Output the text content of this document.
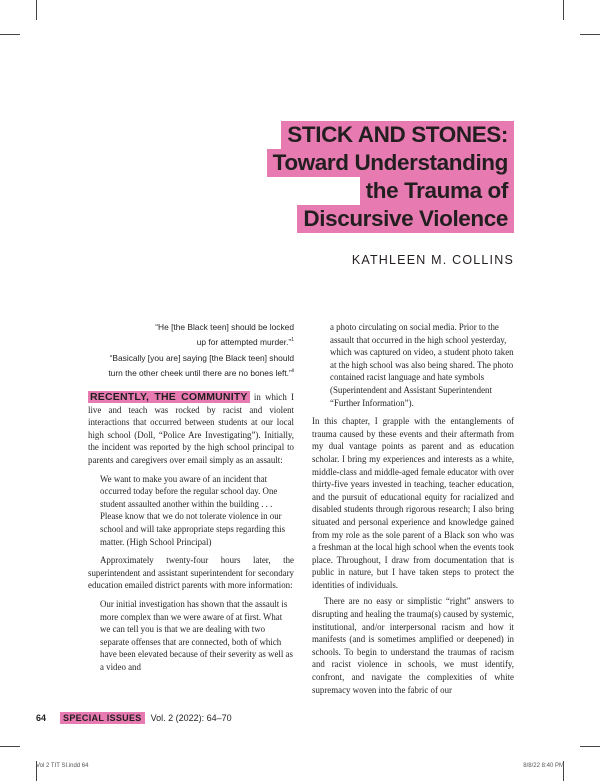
STICK AND STONES:
Toward Understanding
the Trauma of
Discursive Violence
KATHLEEN M. COLLINS
“He [the Black teen] should be locked
up for attempted murder.”$^1$
“Basically [you are] saying [the Black teen] should
turn the other cheek until there are no bones left.”$^{ii}$

RECENTLY, THE COMMUNITY in which I live and teach was rocked by racist and violent interactions that occurred between students at our local high school (Doll, “Police Are Investigating”). Initially, the incident was reported by the high school principal to parents and caregivers over email simply as an assault:

We want to make you aware of an incident that occurred today before the regular school day. One student assaulted another within the building . . . Please know that we do not tolerate violence in our school and will take appropriate steps regarding this matter. (High School Principal)

Approximately twenty-four hours later, the superintendent and assistant superintendent for secondary education emailed district parents with more information:

Our initial investigation has shown that the assault is more complex than we were aware of at first. What we can tell you is that we are dealing with two separate offenses that are connected, both of which have been elevated because of their severity as well as a video and

a photo circulating on social media. Prior to the assault that occurred in the high school yesterday, which was captured on video, a student photo taken at the high school was also being shared. The photo contained racist language and hate symbols (Superintendent and Assistant Superintendent “Further Information”).

In this chapter, I grapple with the entanglements of trauma caused by these events and their aftermath from my dual vantage points as parent and as education scholar. I bring my experiences and interests as a white, middle-class and middle-aged female educator with over thirty-five years invested in teaching, teacher education, and the pursuit of educational equity for racialized and disabled students through rigorous research; I also bring situated and personal experience and knowledge gained from my role as the sole parent of a Black son who was a freshman at the local high school when the events took place. Throughout, I draw from documentation that is public in nature, but I have taken steps to protect the identities of individuals.

There are no easy or simplistic “right” answers to disrupting and healing the trauma(s) caused by systemic, institutional, and/or interpersonal racism and how it manifests (and is sometimes amplified or deepened) in schools. To begin to understand the traumas of racism and racist violence in schools, we must identify, confront, and navigate the complexities of white supremacy woven into the fabric of our

64 SPECIAL ISSUES Vol. 2 (2022): 64–70
Vol 2 TIT SI.indd 64	8/8/22 8:40 PM
